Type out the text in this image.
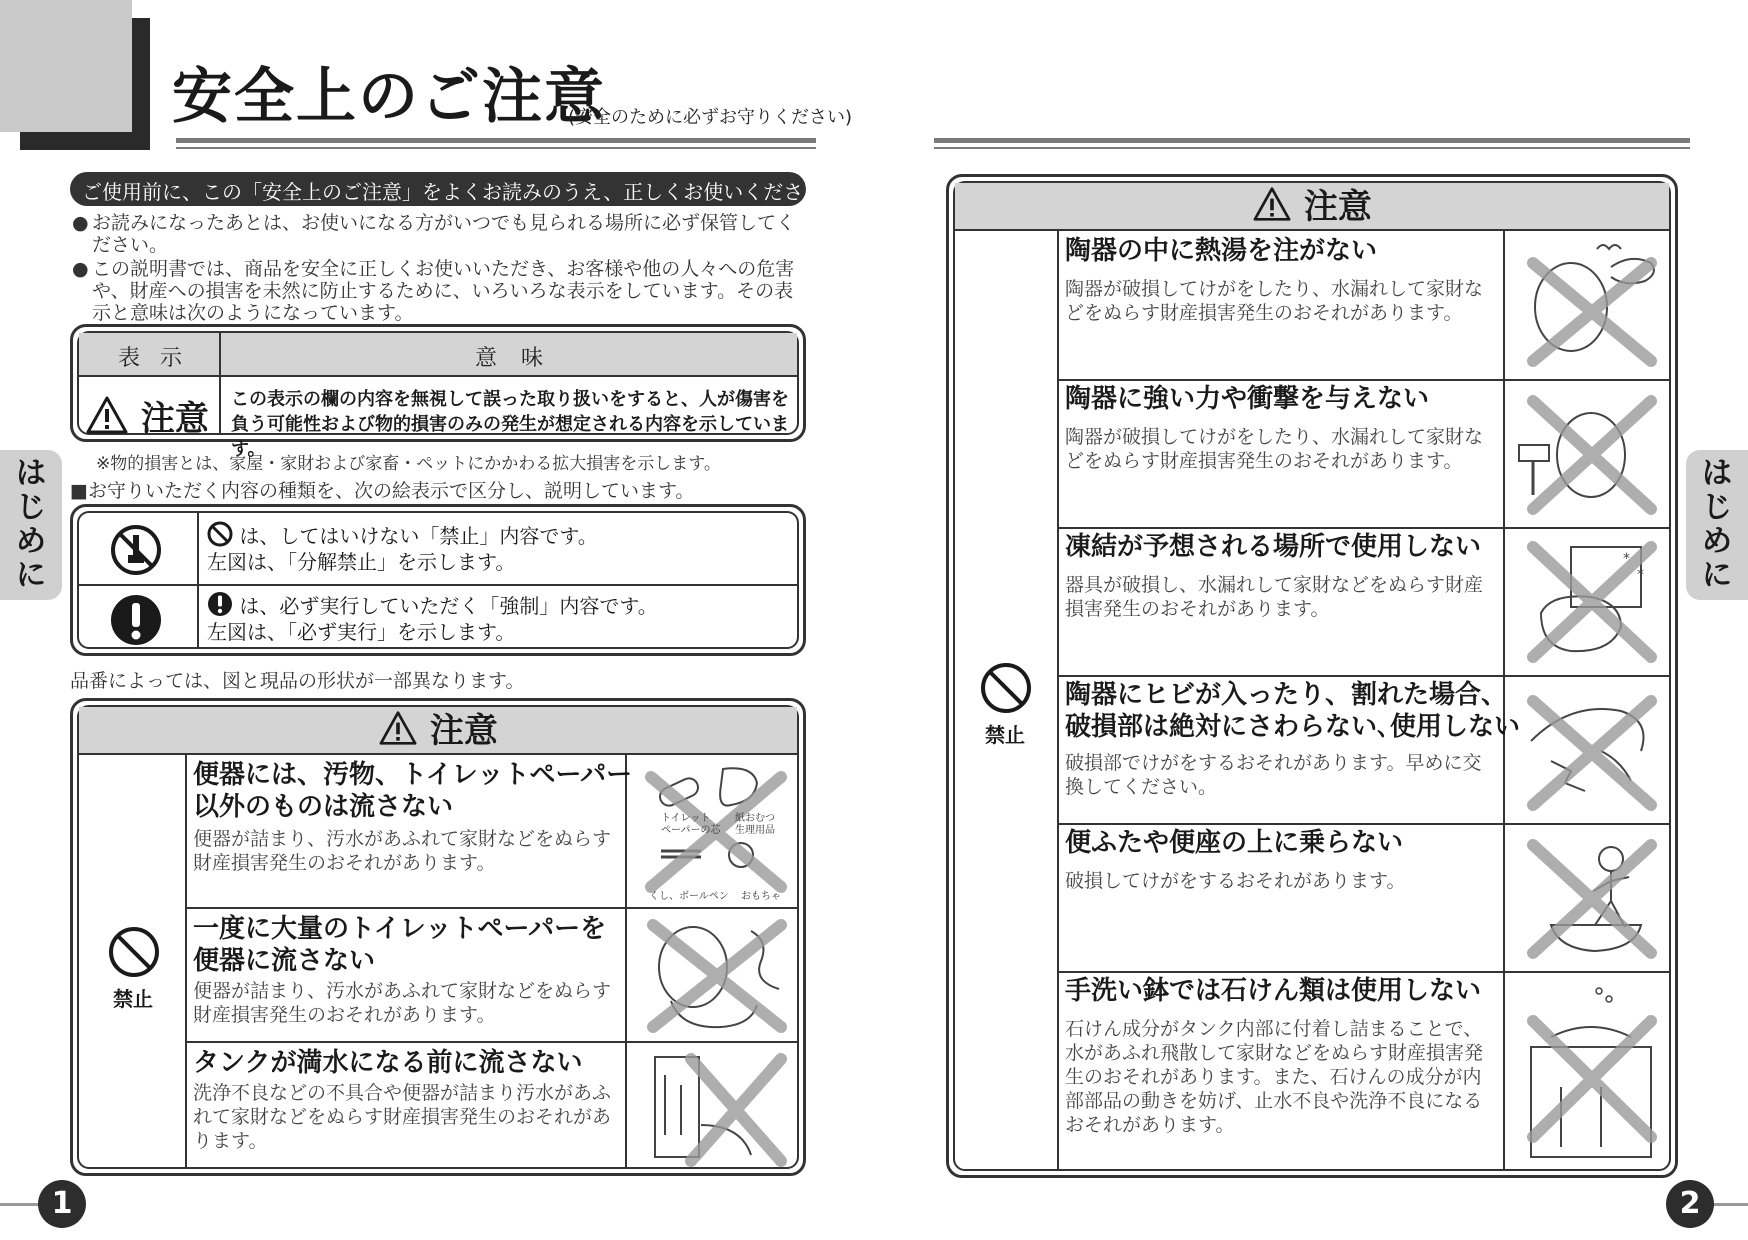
安全上のご注意
(安全のために必ずお守りください)
ご使用前に、この「安全上のご注意」をよくお読みのうえ、正しくお使いください。
● お読みになったあとは、お使いになる方がいつでも見られる場所に必ず保管してください。
● この説明書では、商品を安全に正しくお使いいただき、お客様や他の人々への危害や、財産への損害を未然に防止するために、いろいろな表示をしています。その表示と意味は次のようになっています。
表示	意味
注意 この表示の欄の内容を無視して誤った取り扱いをすると、人が傷害を負う可能性および物的損害のみの発生が想定される内容を示しています。
※物的損害とは、家屋・家財および家畜・ペットにかかわる拡大損害を示します。
■お守りいただく内容の種類を、次の絵表示で区分し、説明しています。
は、してはいけない「禁止」内容です。
左図は、「分解禁止」を示します。
は、必ず実行していただく「強制」内容です。
左図は、「必ず実行」を示します。
品番によっては、図と現品の形状が一部異なります。
注意
禁止
便器には、汚物、トイレットペーパー
以外のものは流さない
便器が詰まり、汚水があふれて家財などをぬらす財産損害発生のおそれがあります。
トイレット
ペーパーの芯
紙おむつ
生理用品
くし、ボールペン おもちゃ
一度に大量のトイレットペーパーを
便器に流さない
便器が詰まり、汚水があふれて家財などをぬらす財産損害発生のおそれがあります。
タンクが満水になる前に流さない
洗浄不良などの不具合や便器が詰まり汚水があふれて家財などをぬらす財産損害発生のおそれがあります。
は
じ
め
に
1
注意
禁止
陶器の中に熱湯を注がない
陶器が破損してけがをしたり、水漏れして家財などをぬらす財産損害発生のおそれがあります。
陶器に強い力や衝撃を与えない
陶器が破損してけがをしたり、水漏れして家財などをぬらす財産損害発生のおそれがあります。
凍結が予想される場所で使用しない
器具が破損し、水漏れして家財などをぬらす財産損害発生のおそれがあります。
*
*
陶器にヒビが入ったり、割れた場合、
破損部は絶対にさわらない､使用しない
破損部でけがをするおそれがあります。早めに交換してください。
便ふたや便座の上に乗らない
破損してけがをするおそれがあります。
手洗い鉢では石けん類は使用しない
石けん成分がタンク内部に付着し詰まることで、水があふれ飛散して家財などをぬらす財産損害発生のおそれがあります。また、石けんの成分が内部部品の動きを妨げ、止水不良や洗浄不良になるおそれがあります。
は
じ
め
に
2
